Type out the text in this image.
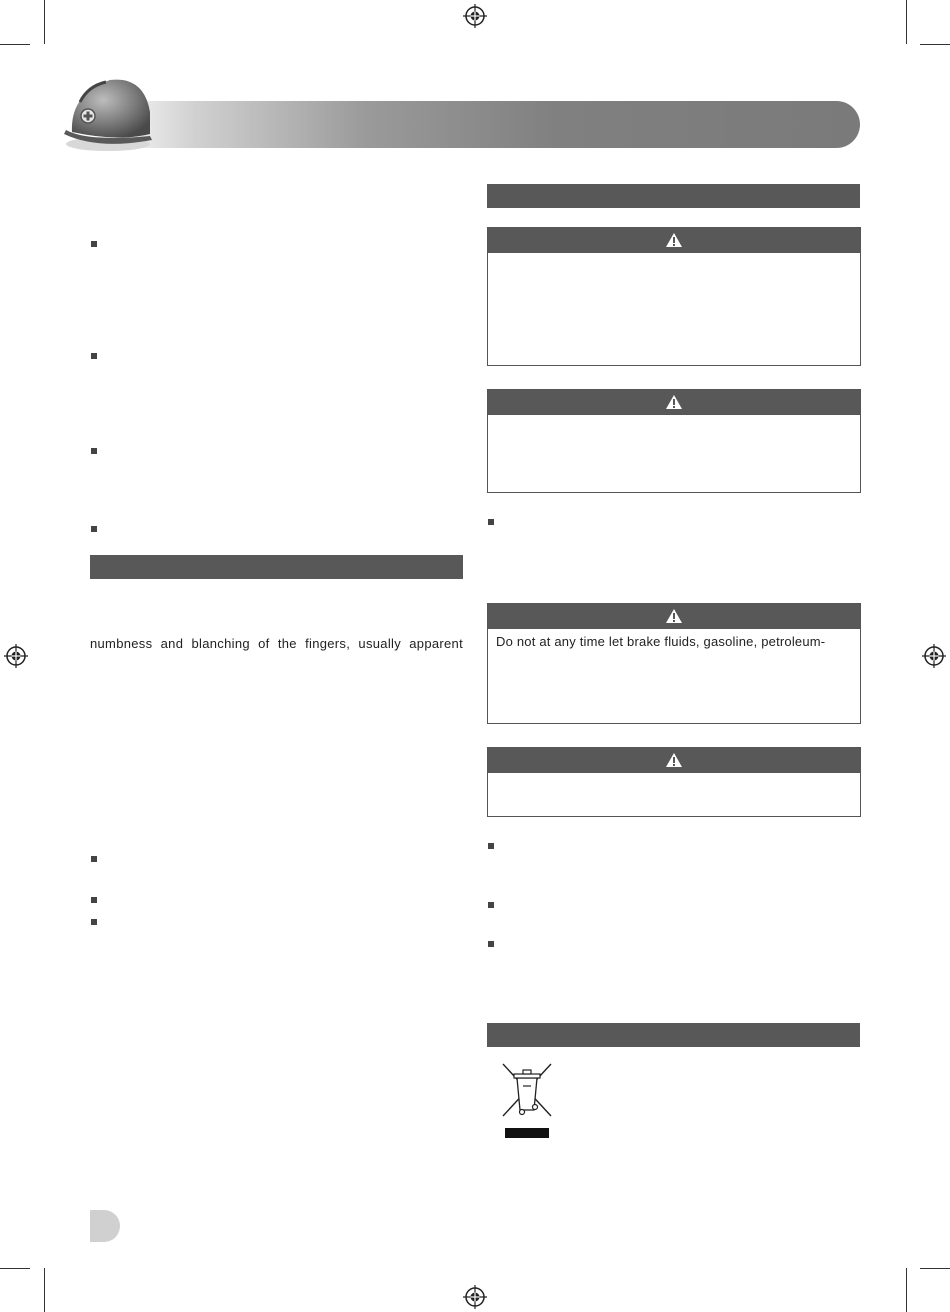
numbness and blanching of the fingers, usually apparent	Do not at any time let brake fluids, gasoline, petroleum-
